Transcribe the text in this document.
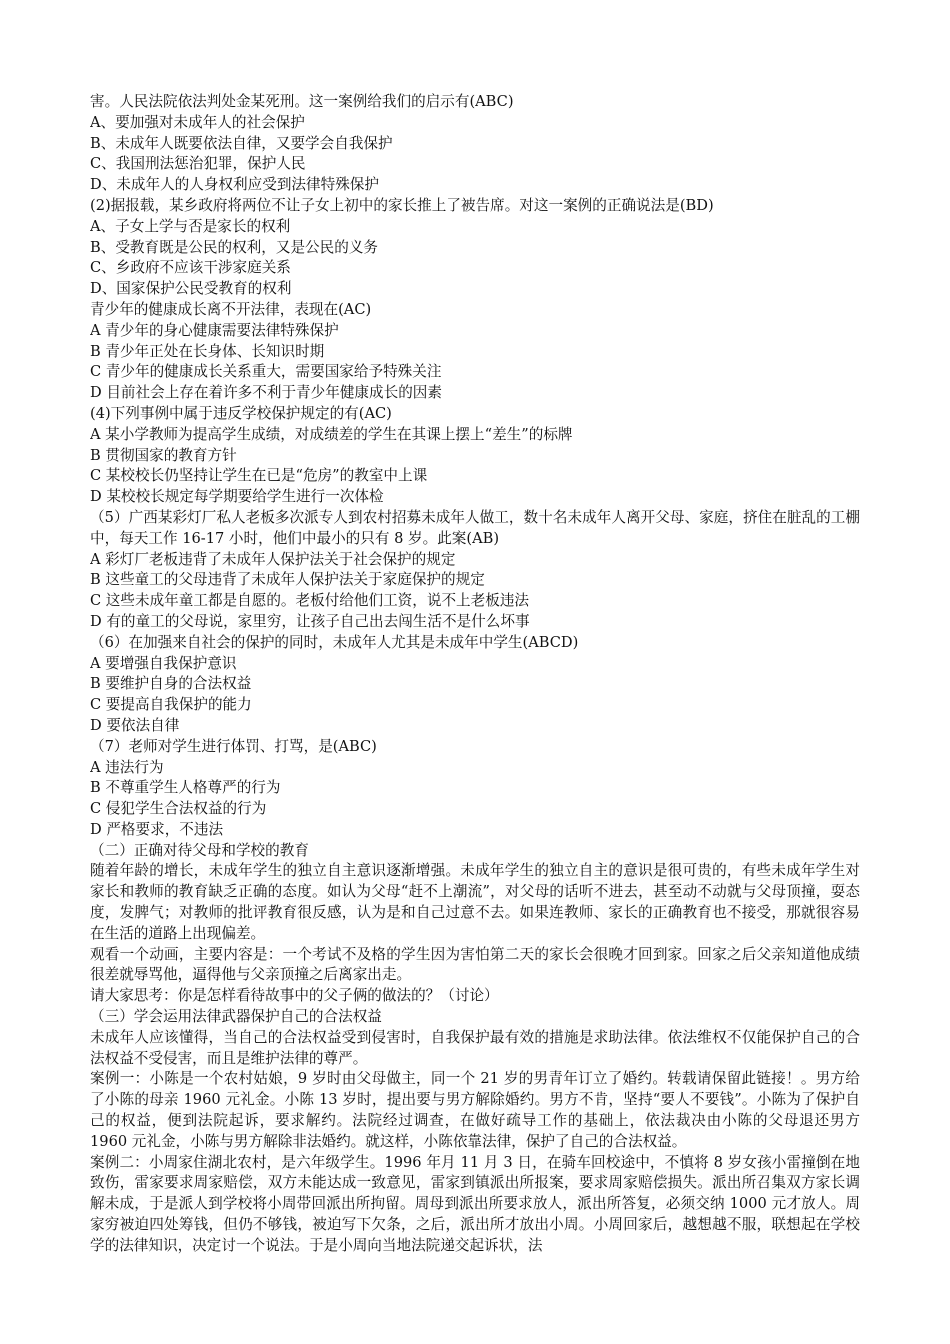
害。人民法院依法判处金某死刑。这一案例给我们的启示有(ABC)
A、要加强对未成年人的社会保护
B、未成年人既要依法自律，又要学会自我保护
C、我国刑法惩治犯罪，保护人民
D、未成年人的人身权利应受到法律特殊保护
(2)据报载，某乡政府将两位不让子女上初中的家长推上了被告席。对这一案例的正确说法是(BD)
A、子女上学与否是家长的权利
B、受教育既是公民的权利，又是公民的义务
C、乡政府不应该干涉家庭关系
D、国家保护公民受教育的权利
青少年的健康成长离不开法律，表现在(AC)
A 青少年的身心健康需要法律特殊保护
B 青少年正处在长身体、长知识时期
C 青少年的健康成长关系重大，需要国家给予特殊关注
D 目前社会上存在着许多不利于青少年健康成长的因素
(4)下列事例中属于违反学校保护规定的有(AC)
A 某小学教师为提高学生成绩，对成绩差的学生在其课上摆上“差生”的标牌
B 贯彻国家的教育方针
C 某校校长仍坚持让学生在已是“危房”的教室中上课
D 某校校长规定每学期要给学生进行一次体检
（5）广西某彩灯厂私人老板多次派专人到农村招募未成年人做工，数十名未成年人离开父母、家庭，挤住在脏乱的工棚中，每天工作 16-17 小时，他们中最小的只有 8 岁。此案(AB)
A 彩灯厂老板违背了未成年人保护法关于社会保护的规定
B 这些童工的父母违背了未成年人保护法关于家庭保护的规定
C 这些未成年童工都是自愿的。老板付给他们工资，说不上老板违法
D 有的童工的父母说，家里穷，让孩子自己出去闯生活不是什么坏事
（6）在加强来自社会的保护的同时，未成年人尤其是未成年中学生(ABCD)
A 要增强自我保护意识
B 要维护自身的合法权益
C 要提高自我保护的能力
D 要依法自律
（7）老师对学生进行体罚、打骂，是(ABC)
A 违法行为
B 不尊重学生人格尊严的行为
C 侵犯学生合法权益的行为
D 严格要求，不违法
（二）正确对待父母和学校的教育
随着年龄的增长，未成年学生的独立自主意识逐渐增强。未成年学生的独立自主的意识是很可贵的，有些未成年学生对家长和教师的教育缺乏正确的态度。如认为父母“赶不上潮流”，对父母的话听不进去，甚至动不动就与父母顶撞，耍态度，发脾气；对教师的批评教育很反感，认为是和自己过意不去。如果连教师、家长的正确教育也不接受，那就很容易在生活的道路上出现偏差。
观看一个动画，主要内容是：一个考试不及格的学生因为害怕第二天的家长会很晚才回到家。回家之后父亲知道他成绩很差就辱骂他，逼得他与父亲顶撞之后离家出走。
请大家思考：你是怎样看待故事中的父子俩的做法的？（讨论）
（三）学会运用法律武器保护自己的合法权益
未成年人应该懂得，当自己的合法权益受到侵害时，自我保护最有效的措施是求助法律。依法维权不仅能保护自己的合法权益不受侵害，而且是维护法律的尊严。
案例一：小陈是一个农村姑娘，9 岁时由父母做主，同一个 21 岁的男青年订立了婚约。转载请保留此链接！。男方给了小陈的母亲 1960 元礼金。小陈 13 岁时，提出要与男方解除婚约。男方不肯，坚持“要人不要钱”。小陈为了保护自己的权益，便到法院起诉，要求解约。法院经过调查，在做好疏导工作的基础上，依法裁决由小陈的父母退还男方 1960 元礼金，小陈与男方解除非法婚约。就这样，小陈依靠法律，保护了自己的合法权益。
案例二：小周家住湖北农村，是六年级学生。1996 年月 11 月 3 日，在骑车回校途中，不慎将 8 岁女孩小雷撞倒在地致伤，雷家要求周家赔偿，双方未能达成一致意见，雷家到镇派出所报案，要求周家赔偿损失。派出所召集双方家长调解未成，于是派人到学校将小周带回派出所拘留。周母到派出所要求放人，派出所答复，必须交纳 1000 元才放人。周家穷被迫四处筹钱，但仍不够钱，被迫写下欠条，之后，派出所才放出小周。小周回家后，越想越不服，联想起在学校学的法律知识，决定讨一个说法。于是小周向当地法院递交起诉状，法
